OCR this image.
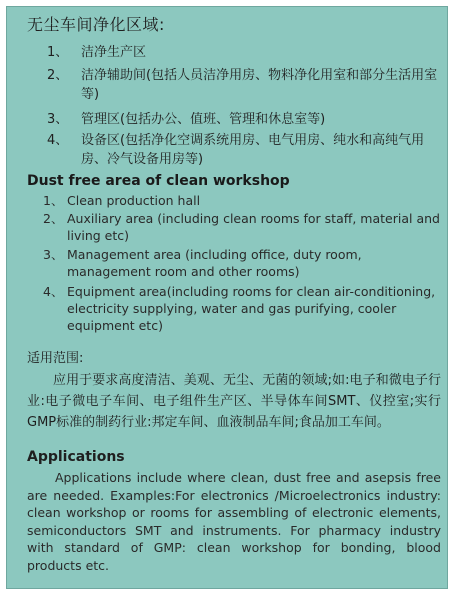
无尘车间净化区域:
1、 洁净生产区
2、 洁净辅助间(包括人员洁净用房、物料净化用室和部分生活用室等)
3、 管理区(包括办公、值班、管理和休息室等)
4、 设备区(包括净化空调系统用房、电气用房、纯水和高纯气用房、冷气设备用房等)
Dust free area of clean workshop
1、 Clean production hall
2、 Auxiliary area (including clean rooms for staff, material and living etc)
3、 Management area (including office, duty room, management room and other rooms)
4、 Equipment area(including rooms for clean air-conditioning, electricity supplying, water and gas purifying, cooler equipment etc)
适用范围:
应用于要求高度清洁、美观、无尘、无菌的领域;如:电子和微电子行业:电子微电子车间、电子组件生产区、半导体车间SMT、仪控室;实行GMP标准的制药行业:邦定车间、血液制品车间;食品加工车间。
Applications
Applications include where clean, dust free and asepsis free are needed. Examples:For electronics /Microelectronics industry: clean workshop or rooms for assembling of electronic elements, semiconductors SMT and instruments. For pharmacy industry with standard of GMP: clean workshop for bonding, blood products etc.
